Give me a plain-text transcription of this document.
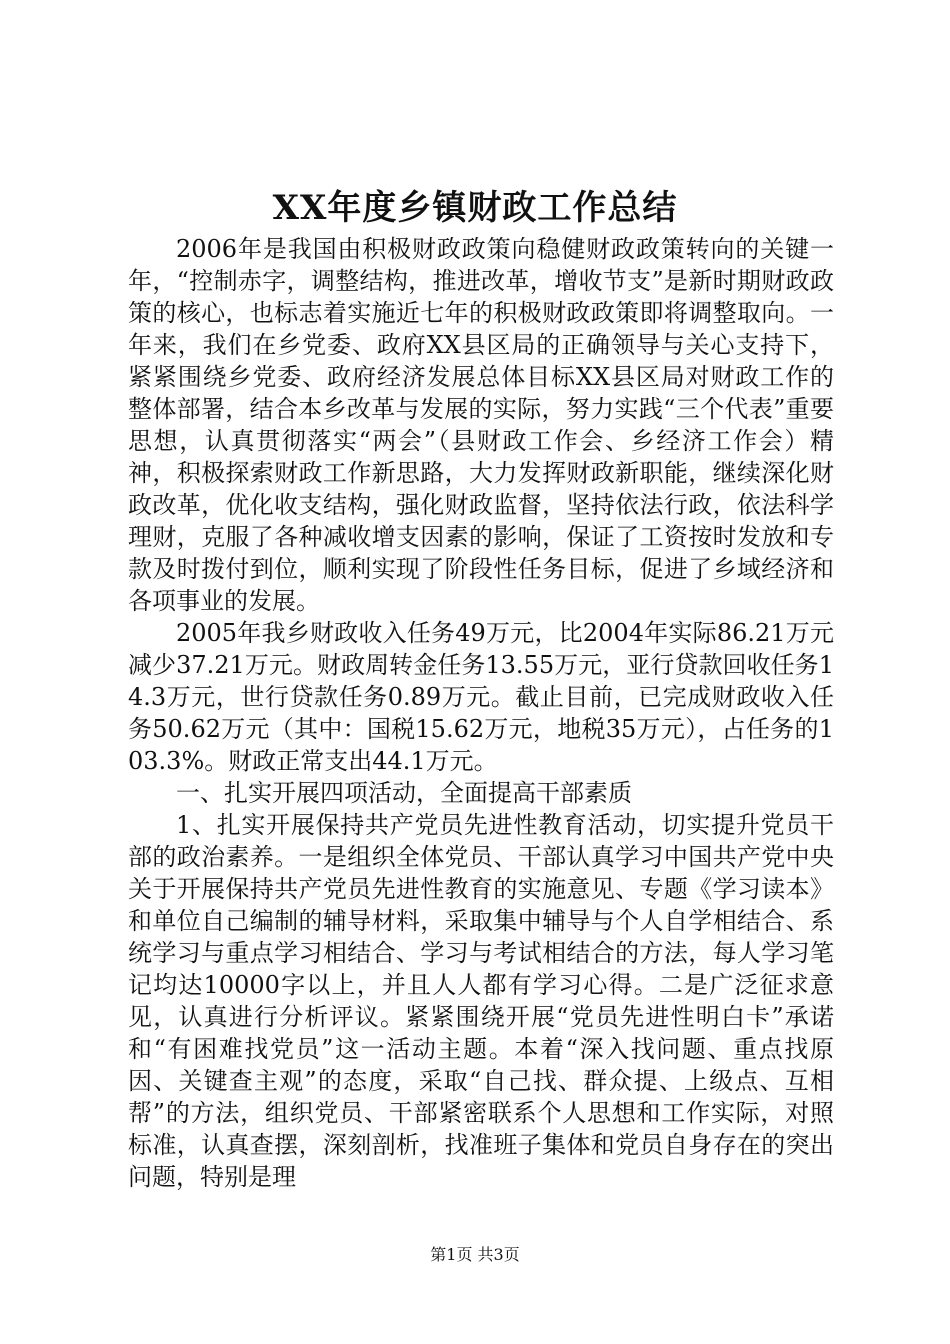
XX年度乡镇财政工作总结

2006年是我国由积极财政政策向稳健财政政策转向的关键一年，“控制赤字，调整结构，推进改革，增收节支”是新时期财政政策的核心，也标志着实施近七年的积极财政政策即将调整取向。一年来，我们在乡党委、政府XX县区局的正确领导与关心支持下，紧紧围绕乡党委、政府经济发展总体目标XX县区局对财政工作的整体部署，结合本乡改革与发展的实际，努力实践“三个代表”重要思想，认真贯彻落实“两会”（县财政工作会、乡经济工作会）精神，积极探索财政工作新思路，大力发挥财政新职能，继续深化财政改革，优化收支结构，强化财政监督，坚持依法行政，依法科学理财，克服了各种减收增支因素的影响，保证了工资按时发放和专款及时拨付到位，顺利实现了阶段性任务目标，促进了乡域经济和各项事业的发展。

2005年我乡财政收入任务49万元，比2004年实际86.21万元减少37.21万元。财政周转金任务13.55万元，亚行贷款回收任务14.3万元，世行贷款任务0.89万元。截止目前，已完成财政收入任务50.62万元（其中：国税15.62万元，地税35万元），占任务的103.3%。财政正常支出44.1万元。

一、扎实开展四项活动，全面提高干部素质

1、扎实开展保持共产党员先进性教育活动，切实提升党员干部的政治素养。一是组织全体党员、干部认真学习中国共产党中央关于开展保持共产党员先进性教育的实施意见、专题《学习读本》和单位自己编制的辅导材料，采取集中辅导与个人自学相结合、系统学习与重点学习相结合、学习与考试相结合的方法，每人学习笔记均达10000字以上，并且人人都有学习心得。二是广泛征求意见，认真进行分析评议。紧紧围绕开展“党员先进性明白卡”承诺和“有困难找党员”这一活动主题。本着“深入找问题、重点找原因、关键查主观”的态度，采取“自己找、群众提、上级点、互相帮”的方法，组织党员、干部紧密联系个人思想和工作实际，对照标准，认真查摆，深刻剖析，找准班子集体和党员自身存在的突出问题，特别是理

第1页 共3页
